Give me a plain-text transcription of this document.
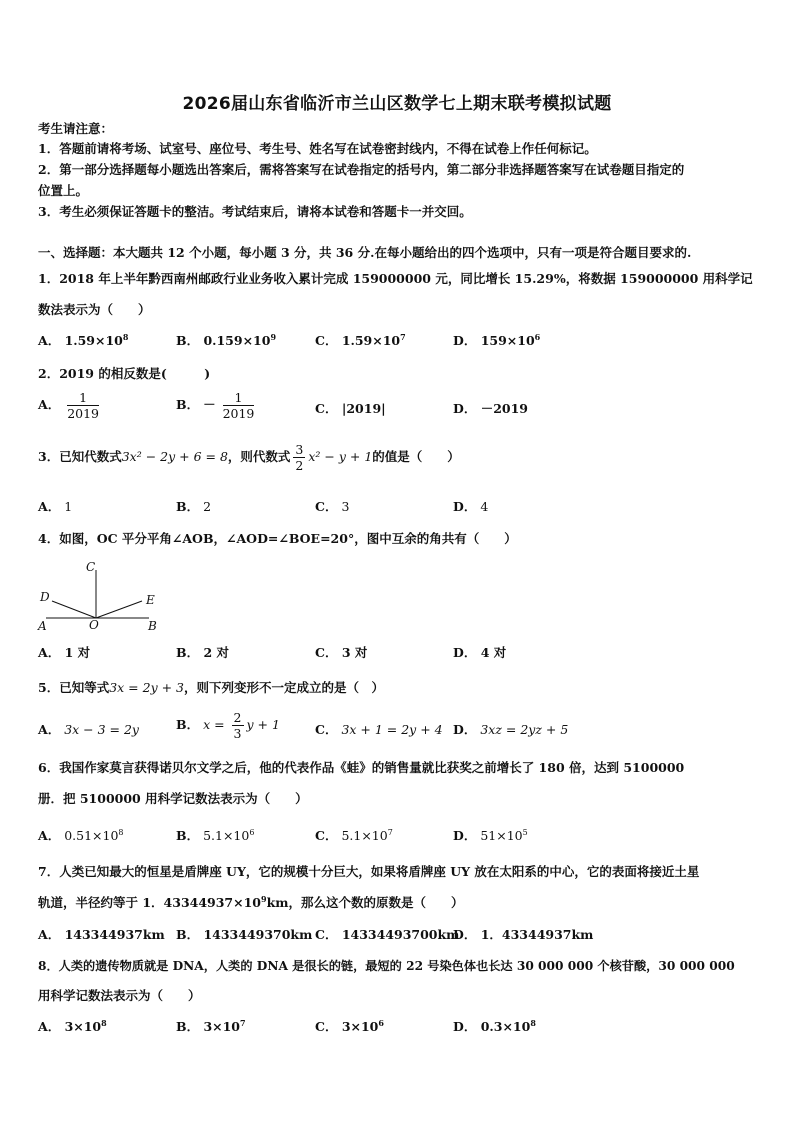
2026届山东省临沂市兰山区数学七上期末联考模拟试题
考生请注意：
1．答题前请将考场、试室号、座位号、考生号、姓名写在试卷密封线内，不得在试卷上作任何标记。
2．第一部分选择题每小题选出答案后，需将答案写在试卷指定的括号内，第二部分非选择题答案写在试卷题目指定的
位置上。
3．考生必须保证答题卡的整洁。考试结束后，请将本试卷和答题卡一并交回。
一、选择题：本大题共 12 个小题，每小题 3 分，共 36 分.在每小题给出的四个选项中，只有一项是符合题目要求的.
1．2018 年上半年黔西南州邮政行业业务收入累计完成 159000000 元，同比增长 15.29%，将数据 159000000 用科学记
数法表示为（　　）
A． $1.59\times 10^8$	B． $0.159\times 10^9$	C． $1.59\times 10^7$	D． $159\times 10^6$
2．2019 的相反数是(　　　)
A． $\frac{1}{2019}$	B． － $\frac{1}{2019}$	C． |2019|	D． －2019
3．已知代数式3x² − 2y + 6 = 8，则代数式 $\frac{3}{2} x^2 - y + 1$的值是（　　）
A． 1	B． 2	C． 3	D． 4
4．如图，OC 平分平角∠AOB，∠AOD=∠BOE=20°，图中互余的角共有（　　）
C
D	E
A	O	B
A． 1 对	B． 2 对	C． 3 对	D． 4 对
5．已知等式3x = 2y + 3，则下列变形不一定成立的是（　）
A． 3x − 3 = 2y	B． $x = \frac{2}{3}$ y + 1	C． 3x + 1 = 2y + 4 D． 3xz = 2yz + 5
6．我国作家莫言获得诺贝尔文学之后，他的代表作品《蛙》的销售量就比获奖之前增长了 180 倍，达到 5100000
册．把 5100000 用科学记数法表示为（　　）
A． $0.51\times 10^8$	B． $5.1\times 10^6$	C． $5.1\times 10^7$	D． $51\times 10^5$
7．人类已知最大的恒星是盾牌座 UY，它的规模十分巨大，如果将盾牌座 UY 放在太阳系的中心，它的表面将接近土星
轨道，半径约等于 1．$43344937\times 10^9km$，那么这个数的原数是（　　）
A． 143344937km B． 1433449370km C． 14334493700km
D． 1．43344937km
8．人类的遗传物质就是 DNA，人类的 DNA 是很长的链，最短的 22 号染色体也长达 30 000 000 个核苷酸，30 000 000
用科学记数法表示为（　　）
A． $3\times 10^8$	B． $3\times 10^7$	C． $3\times 10^6$	D． $0.3\times 10^8$
